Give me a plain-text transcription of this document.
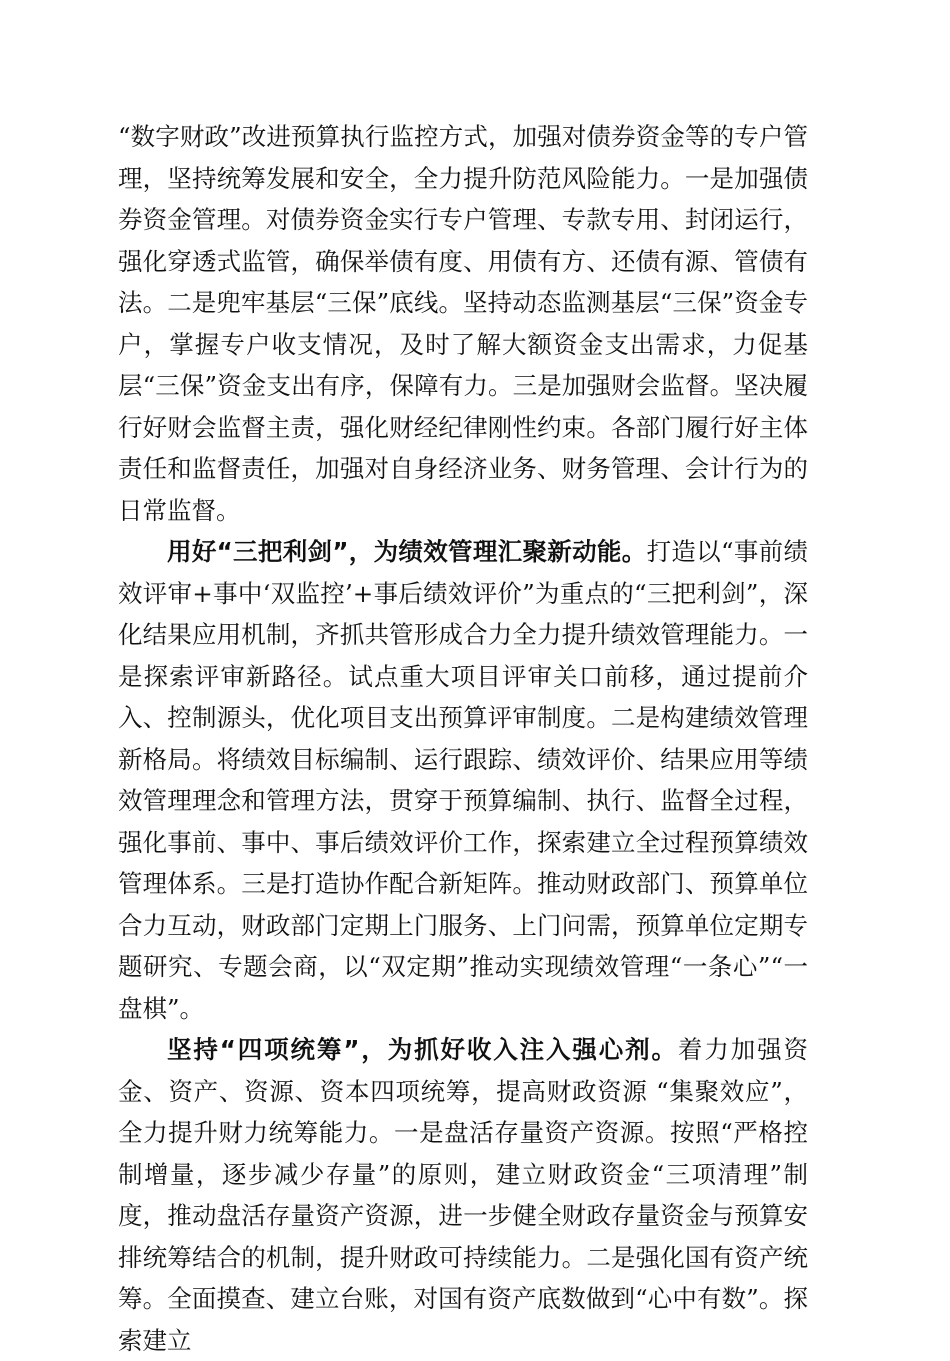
“数字财政”改进预算执行监控方式，加强对债券资金等的专户管理，坚持统筹发展和安全，全力提升防范风险能力。一是加强债券资金管理。对债券资金实行专户管理、专款专用、封闭运行，强化穿透式监管，确保举债有度、用债有方、还债有源、管债有法。二是兜牢基层“三保”底线。坚持动态监测基层“三保”资金专户，掌握专户收支情况，及时了解大额资金支出需求，力促基层“三保”资金支出有序，保障有力。三是加强财会监督。坚决履行好财会监督主责，强化财经纪律刚性约束。各部门履行好主体责任和监督责任，加强对自身经济业务、财务管理、会计行为的日常监督。

用好“三把利剑”，为绩效管理汇聚新动能。打造以“事前绩效评审+事中‘双监控’+事后绩效评价”为重点的“三把利剑”，深化结果应用机制，齐抓共管形成合力全力提升绩效管理能力。一是探索评审新路径。试点重大项目评审关口前移，通过提前介入、控制源头，优化项目支出预算评审制度。二是构建绩效管理新格局。将绩效目标编制、运行跟踪、绩效评价、结果应用等绩效管理理念和管理方法，贯穿于预算编制、执行、监督全过程，强化事前、事中、事后绩效评价工作，探索建立全过程预算绩效管理体系。三是打造协作配合新矩阵。推动财政部门、预算单位合力互动，财政部门定期上门服务、上门问需，预算单位定期专题研究、专题会商，以“双定期”推动实现绩效管理“一条心”“一盘棋”。

坚持“四项统筹”，为抓好收入注入强心剂。着力加强资金、资产、资源、资本四项统筹，提高财政资源 “集聚效应”，全力提升财力统筹能力。一是盘活存量资产资源。按照“严格控制增量，逐步减少存量”的原则，建立财政资金“三项清理”制度，推动盘活存量资产资源，进一步健全财政存量资金与预算安排统筹结合的机制，提升财政可持续能力。二是强化国有资产统筹。全面摸查、建立台账，对国有资产底数做到“心中有数”。探索建立
